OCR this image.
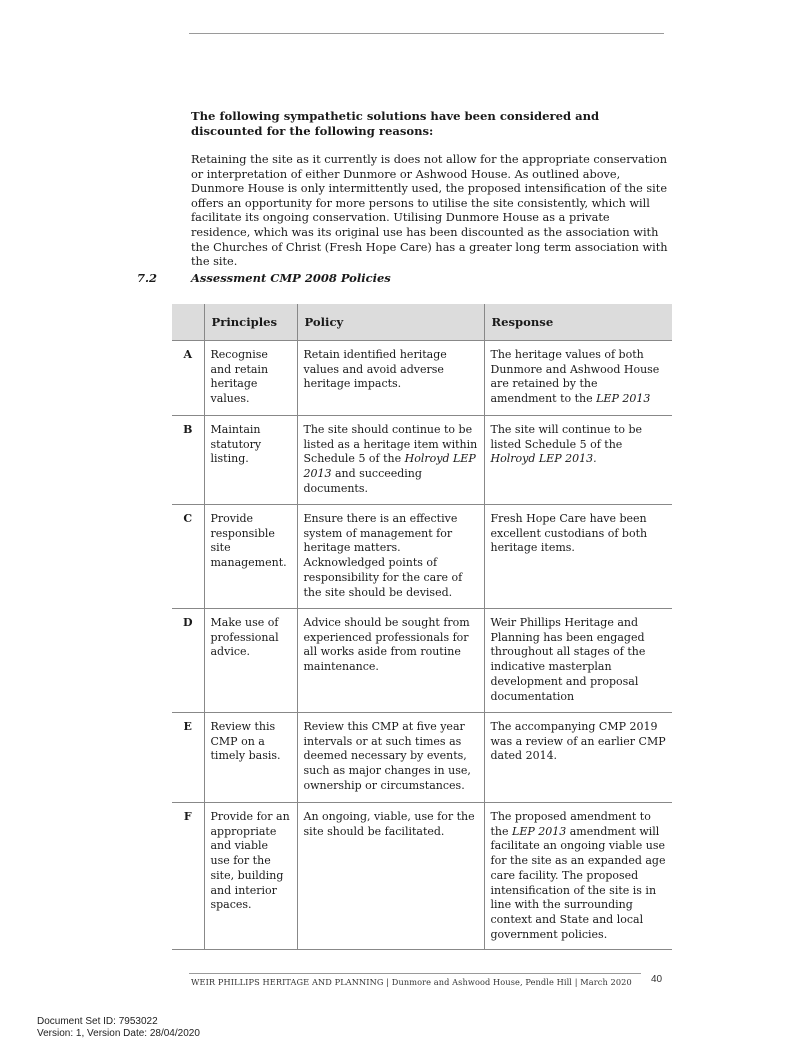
The following sympathetic solutions have been considered and discounted for the following reasons:
Retaining the site as it currently is does not allow for the appropriate conservation or interpretation of either Dunmore or Ashwood House. As outlined above, Dunmore House is only intermittently used, the proposed intensification of the site offers an opportunity for more persons to utilise the site consistently, which will facilitate its ongoing conservation. Utilising Dunmore House as a private residence, which was its original use has been discounted as the association with the Churches of Christ (Fresh Hope Care) has a greater long term association with the site.
7.2	Assessment CMP 2008 Policies
	Principles	Policy	Response
A	Recognise and retain heritage values.	Retain identified heritage values and avoid adverse heritage impacts.	The heritage values of both Dunmore and Ashwood House are retained by the amendment to the LEP 2013
B	Maintain statutory listing.	The site should continue to be listed as a heritage item within Schedule 5 of the Holroyd LEP 2013 and succeeding documents.	The site will continue to be listed Schedule 5 of the Holroyd LEP 2013.
C	Provide responsible site management.	Ensure there is an effective system of management for heritage matters. Acknowledged points of responsibility for the care of the site should be devised.	Fresh Hope Care have been excellent custodians of both heritage items.
D	Make use of professional advice.	Advice should be sought from experienced professionals for all works aside from routine maintenance.	Weir Phillips Heritage and Planning has been engaged throughout all stages of the indicative masterplan development and proposal documentation
E	Review this CMP on a timely basis.	Review this CMP at five year intervals or at such times as deemed necessary by events, such as major changes in use, ownership or circumstances.	The accompanying CMP 2019 was a review of an earlier CMP dated 2014.
F	Provide for an appropriate and viable use for the site, building and interior spaces.	An ongoing, viable, use for the site should be facilitated.	The proposed amendment to the LEP 2013 amendment will facilitate an ongoing viable use for the site as an expanded age care facility. The proposed intensification of the site is in line with the surrounding context and State and local government policies.
WEIR PHILLIPS HERITAGE AND PLANNING | Dunmore and Ashwood House, Pendle Hill | March 2020 40
Document Set ID: 7953022
Version: 1, Version Date: 28/04/2020
